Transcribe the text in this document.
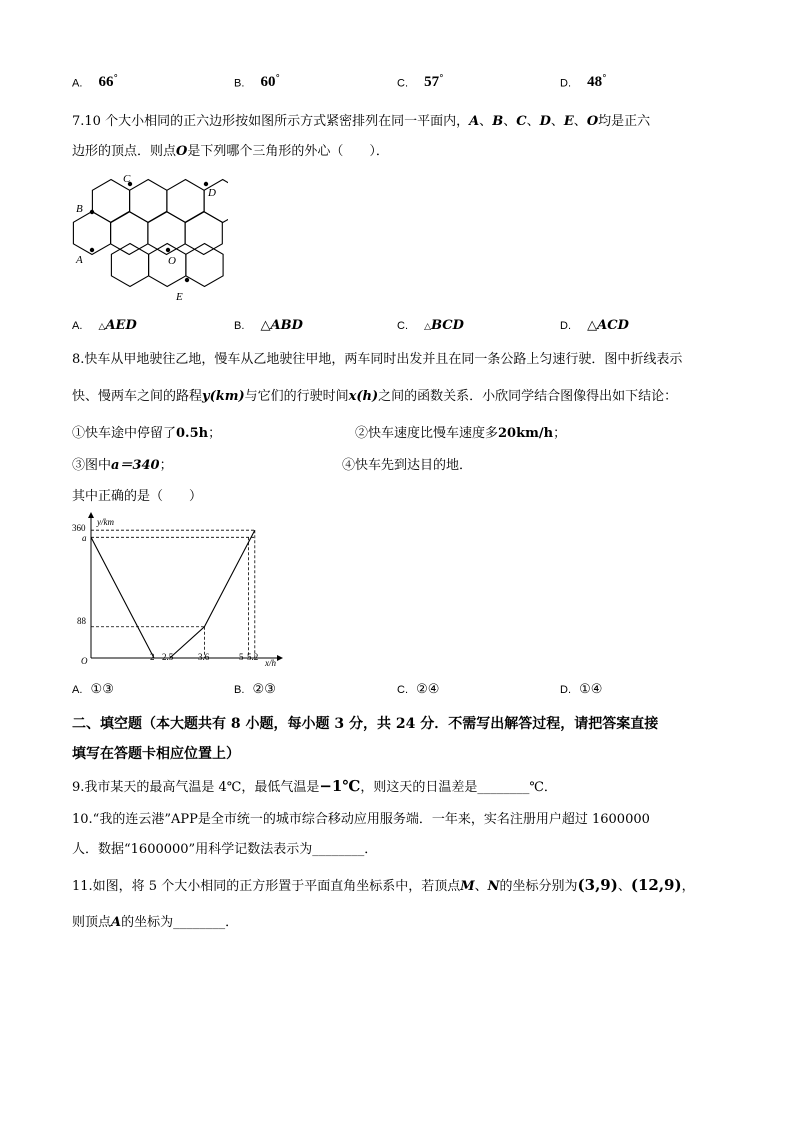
A. 66°	B. 60°	C. 57°	D. 48°
7.10 个大小相同的正六边形按如图所示方式紧密排列在同一平面内，A、B、C、D、E、O均是正六
边形的顶点．则点O是下列哪个三角形的外心（　　）．
C
D
B
A	O
E
A. △AED	B. △ABD	C. △BCD	D. △ACD
8.快车从甲地驶往乙地，慢车从乙地驶往甲地，两车同时出发并且在同一条公路上匀速行驶．图中折线表示
快、慢两车之间的路程y(km)与它们的行驶时间x(h)之间的函数关系．小欣同学结合图像得出如下结论：
①快车途中停留了0.5h；	②快车速度比慢车速度多20km/h；
③图中a＝340；	④快车先到达目的地．
其中正确的是（　　）
y/km
x/h
O
360
a
88
2 2.5	3.6	5 5.2
A. ①③	B. ②③	C. ②④	D. ①④
二、填空题（本大题共有 8 小题，每小题 3 分，共 24 分．不需写出解答过程，请把答案直接
填写在答题卡相应位置上）
9.我市某天的最高气温是 4℃，最低气温是−1℃，则这天的日温差是________℃．
10.“我的连云港”APP是全市统一的城市综合移动应用服务端．一年来，实名注册用户超过 1600000
人．数据“1600000”用科学记数法表示为________．
11.如图，将 5 个大小相同的正方形置于平面直角坐标系中，若顶点M、N的坐标分别为(3,9)、(12,9)，
则顶点A的坐标为________．
